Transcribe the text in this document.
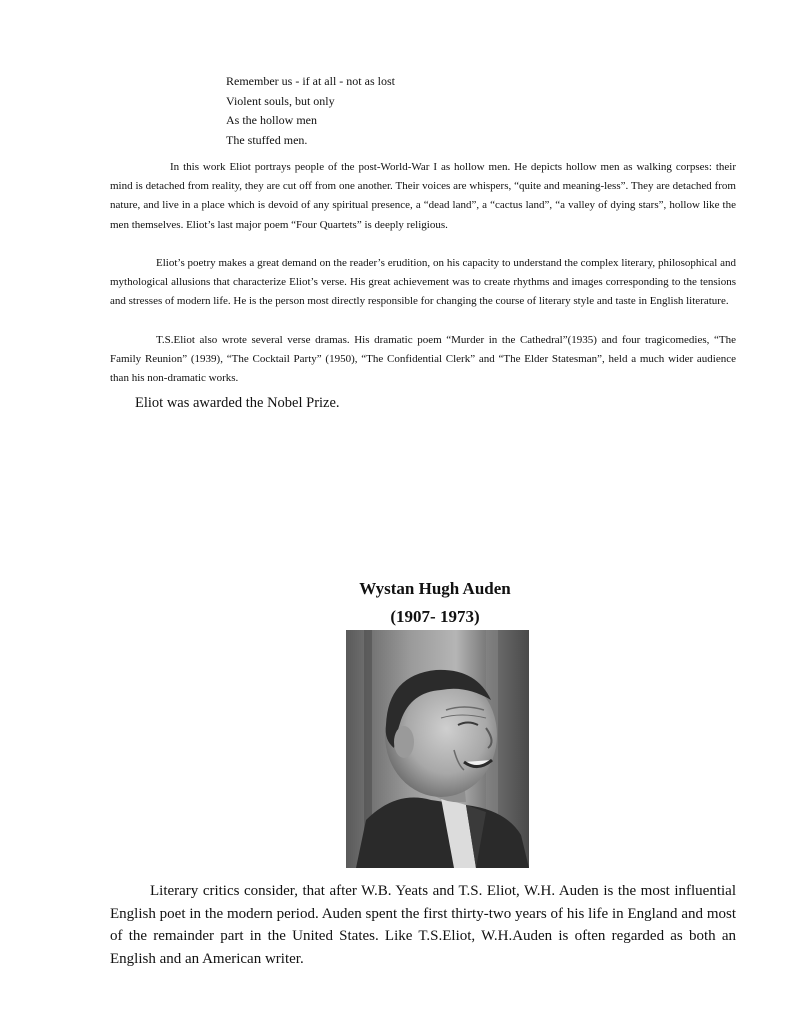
Remember us - if at all - not as lost
Violent souls, but only
As the hollow men
The stuffed men.

In this work Eliot portrays people of the post-World-War I as hollow men. He depicts hollow men as walking corpses: their mind is detached from reality, they are cut off from one another. Their voices are whispers, “quite and meaning-less”. They are detached from nature, and live in a place which is devoid of any spiritual presence, a “dead land”, a “cactus land”, “a valley of dying stars”, hollow like the men themselves. Eliot’s last major poem “Four Quartets” is deeply religious.

Eliot’s poetry makes a great demand on the reader’s erudition, on his capacity to understand the complex literary, philosophical and mythological allusions that characterize Eliot’s verse. His great achievement was to create rhythms and images corresponding to the tensions and stresses of modern life. He is the person most directly responsible for changing the course of literary style and taste in English literature.

T.S.Eliot also wrote several verse dramas. His dramatic poem “Murder in the Cathedral”(1935) and four tragicomedies, “The Family Reunion” (1939), “The Cocktail Party” (1950), “The Confidential Clerk” and “The Elder Statesman”, held a much wider audience than his non-dramatic works.

Eliot was awarded the Nobel Prize.
Wystan Hugh Auden
(1907- 1973)

Literary critics consider, that after W.B. Yeats and T.S. Eliot, W.H. Auden is the most influential English poet in the modern period. Auden spent the first thirty-two years of his life in England and most of the remainder part in the United States. Like T.S.Eliot, W.H.Auden is often regarded as both an English and an American writer.
